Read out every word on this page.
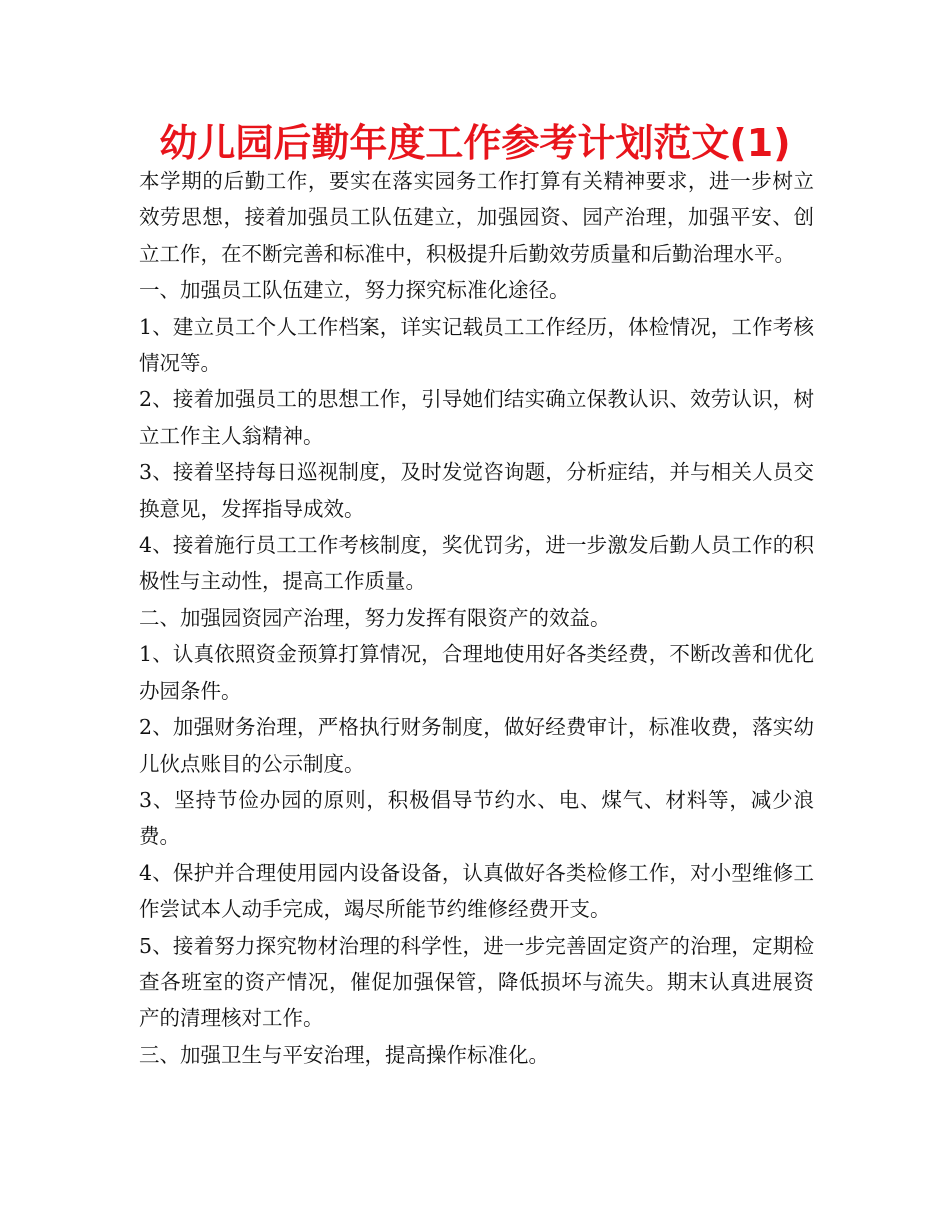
幼儿园后勤年度工作参考计划范文(1)

本学期的后勤工作，要实在落实园务工作打算有关精神要求，进一步树立效劳思想，接着加强员工队伍建立，加强园资、园产治理，加强平安、创立工作，在不断完善和标准中，积极提升后勤效劳质量和后勤治理水平。

一、加强员工队伍建立，努力探究标准化途径。

1、建立员工个人工作档案，详实记载员工工作经历，体检情况，工作考核情况等。

2、接着加强员工的思想工作，引导她们结实确立保教认识、效劳认识，树立工作主人翁精神。

3、接着坚持每日巡视制度，及时发觉咨询题，分析症结，并与相关人员交换意见，发挥指导成效。

4、接着施行员工工作考核制度，奖优罚劣，进一步激发后勤人员工作的积极性与主动性，提高工作质量。

二、加强园资园产治理，努力发挥有限资产的效益。

1、认真依照资金预算打算情况，合理地使用好各类经费，不断改善和优化办园条件。

2、加强财务治理，严格执行财务制度，做好经费审计，标准收费，落实幼儿伙点账目的公示制度。

3、坚持节俭办园的原则，积极倡导节约水、电、煤气、材料等，减少浪费。

4、保护并合理使用园内设备设备，认真做好各类检修工作，对小型维修工作尝试本人动手完成，竭尽所能节约维修经费开支。

5、接着努力探究物材治理的科学性，进一步完善固定资产的治理，定期检查各班室的资产情况，催促加强保管，降低损坏与流失。期末认真进展资产的清理核对工作。

三、加强卫生与平安治理，提高操作标准化。
